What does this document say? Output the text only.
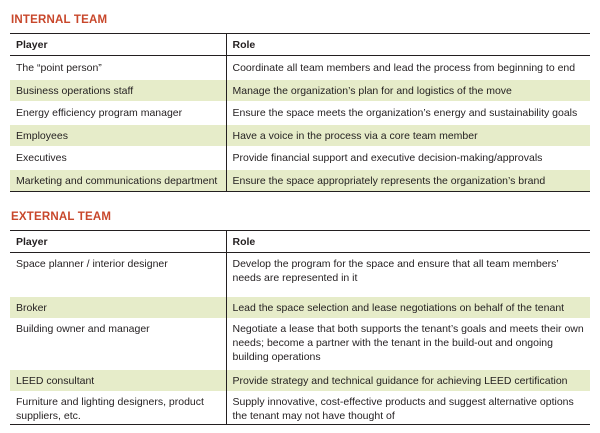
INTERNAL TEAM
Player	Role
The “point person”	Coordinate all team members and lead the process from beginning to end
Business operations staff	Manage the organization’s plan for and logistics of the move
Energy efficiency program manager	Ensure the space meets the organization’s energy and sustainability goals
Employees	Have a voice in the process via a core team member
Executives	Provide financial support and executive decision-making/approvals
Marketing and communications department	Ensure the space appropriately represents the organization’s brand
EXTERNAL TEAM
Player	Role
Space planner / interior designer	Develop the program for the space and ensure that all team members’ needs are represented in it
Broker	Lead the space selection and lease negotiations on behalf of the tenant
Building owner and manager	Negotiate a lease that both supports the tenant’s goals and meets their own needs; become a partner with the tenant in the build-out and ongoing building operations
LEED consultant	Provide strategy and technical guidance for achieving LEED certification
Furniture and lighting designers, product suppliers, etc.	Supply innovative, cost-effective products and suggest alternative options the tenant may not have thought of
